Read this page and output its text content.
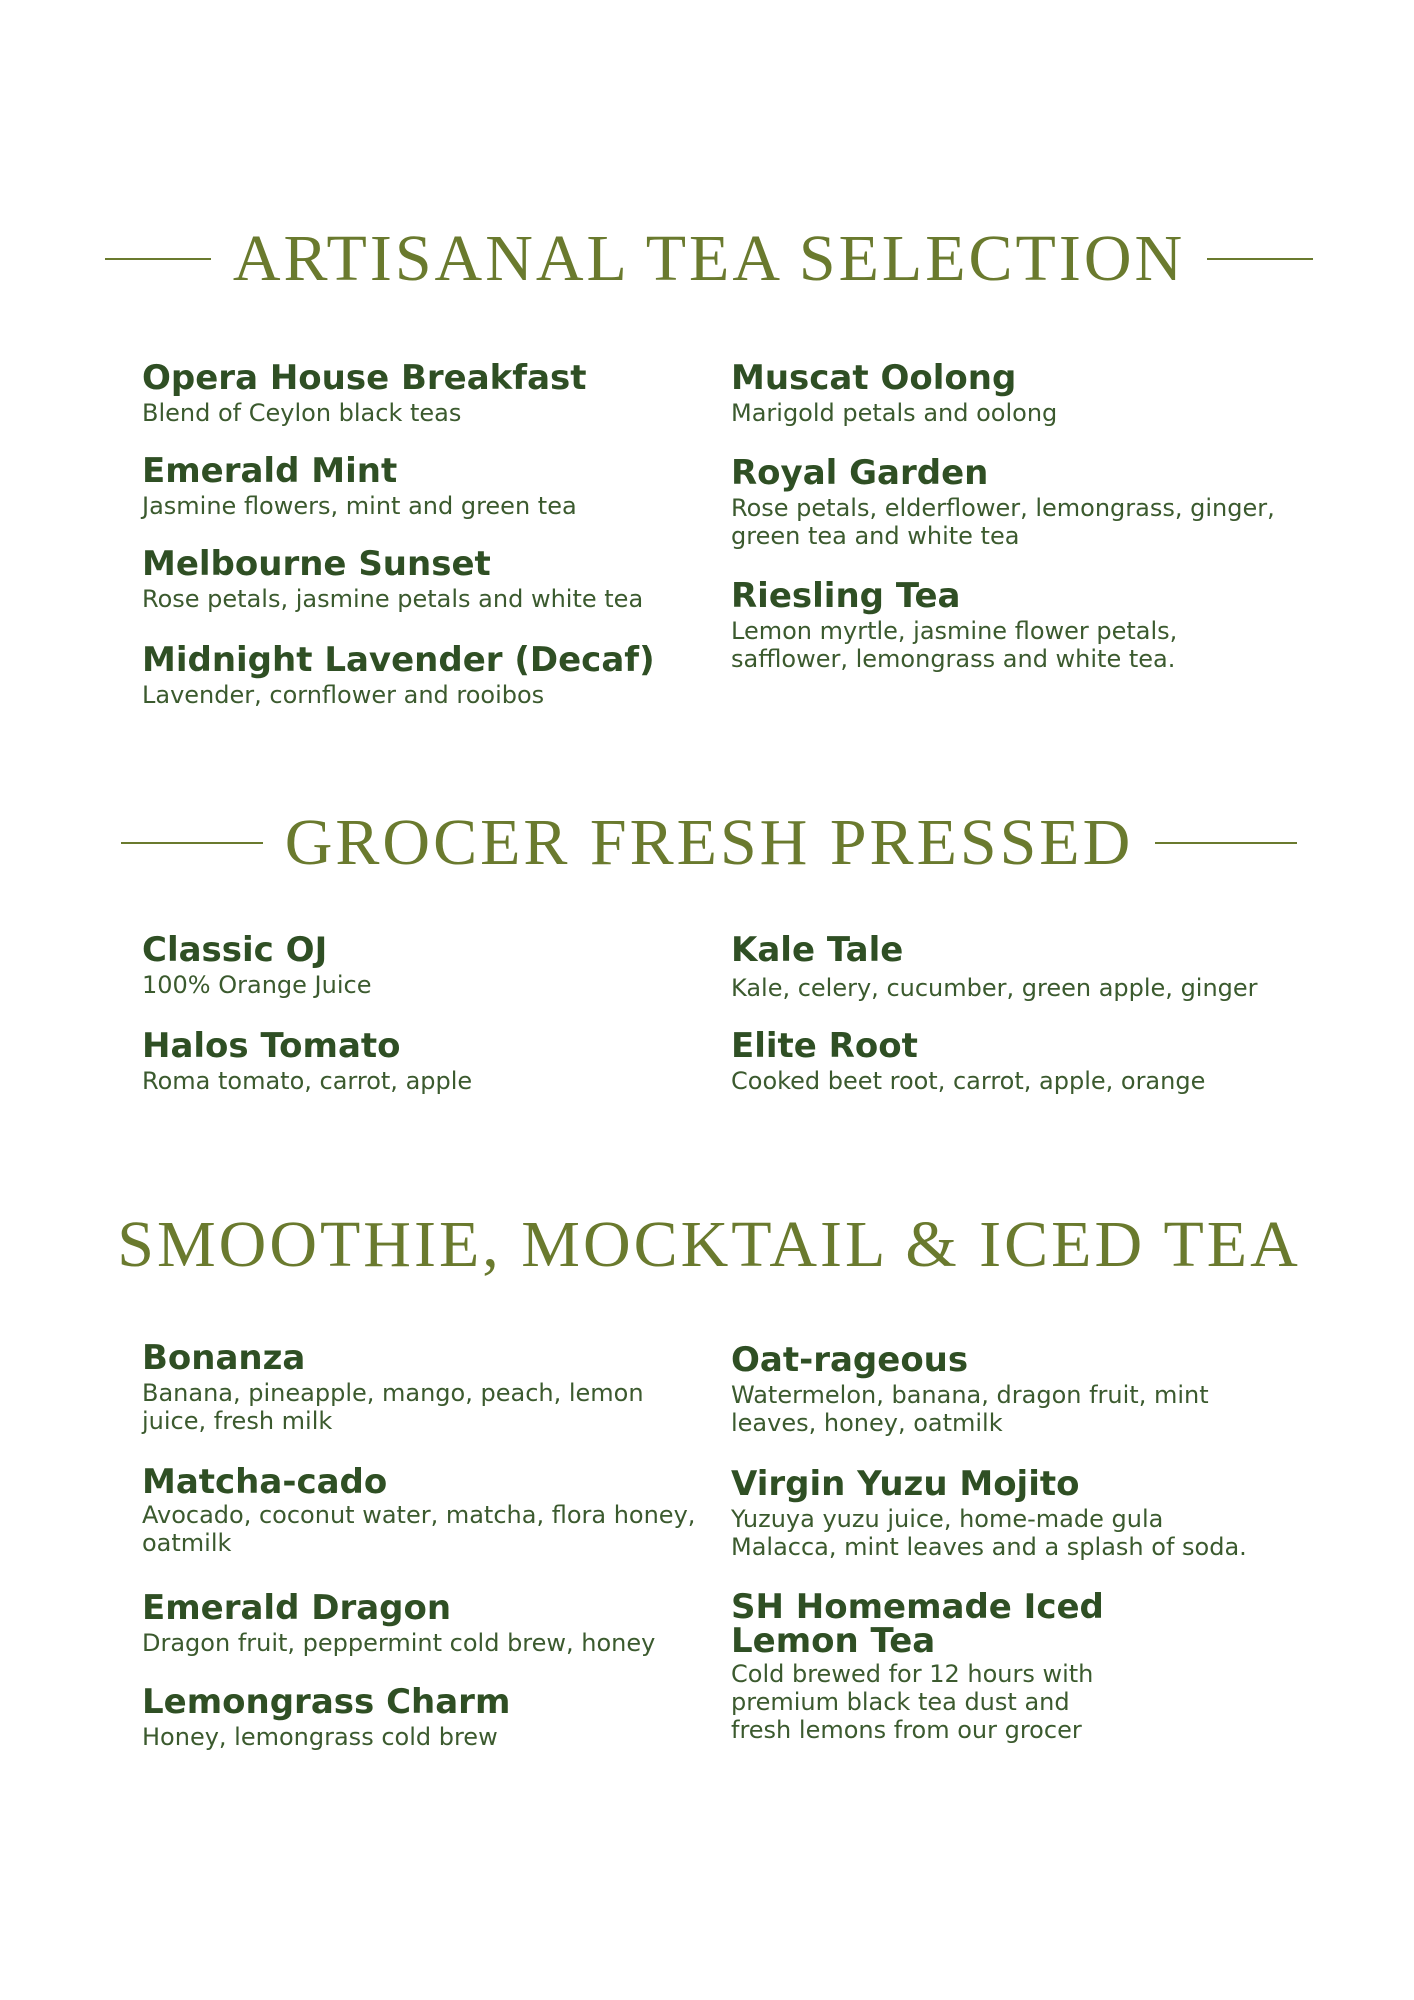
ARTISANAL TEA SELECTION

Opera House Breakfast

Blend of Ceylon black teas

Emerald Mint

Jasmine flowers, mint and green tea

Melbourne Sunset

Rose petals, jasmine petals and white tea

Midnight Lavender (Decaf)

Lavender, cornflower and rooibos

Muscat Oolong

Marigold petals and oolong

Royal Garden

Rose petals, elderflower, lemongrass, ginger, green tea and white tea

Riesling Tea

Lemon myrtle, jasmine flower petals, safflower, lemongrass and white tea.

GROCER FRESH PRESSED

Classic OJ

100% Orange Juice

Halos Tomato

Roma tomato, carrot, apple

Kale Tale

Kale, celery, cucumber, green apple, ginger

Elite Root

Cooked beet root, carrot, apple, orange

SMOOTHIE, MOCKTAIL & ICED TEA

Bonanza

Banana, pineapple, mango, peach, lemon juice, fresh milk

Matcha-cado

Avocado, coconut water, matcha, flora honey, oatmilk

Emerald Dragon

Dragon fruit, peppermint cold brew, honey

Lemongrass Charm

Honey, lemongrass cold brew

Oat-rageous

Watermelon, banana, dragon fruit, mint leaves, honey, oatmilk

Virgin Yuzu Mojito

Yuzuya yuzu juice, home-made gula Malacca, mint leaves and a splash of soda.

SH Homemade Iced Lemon Tea

Cold brewed for 12 hours with premium black tea dust and fresh lemons from our grocer
